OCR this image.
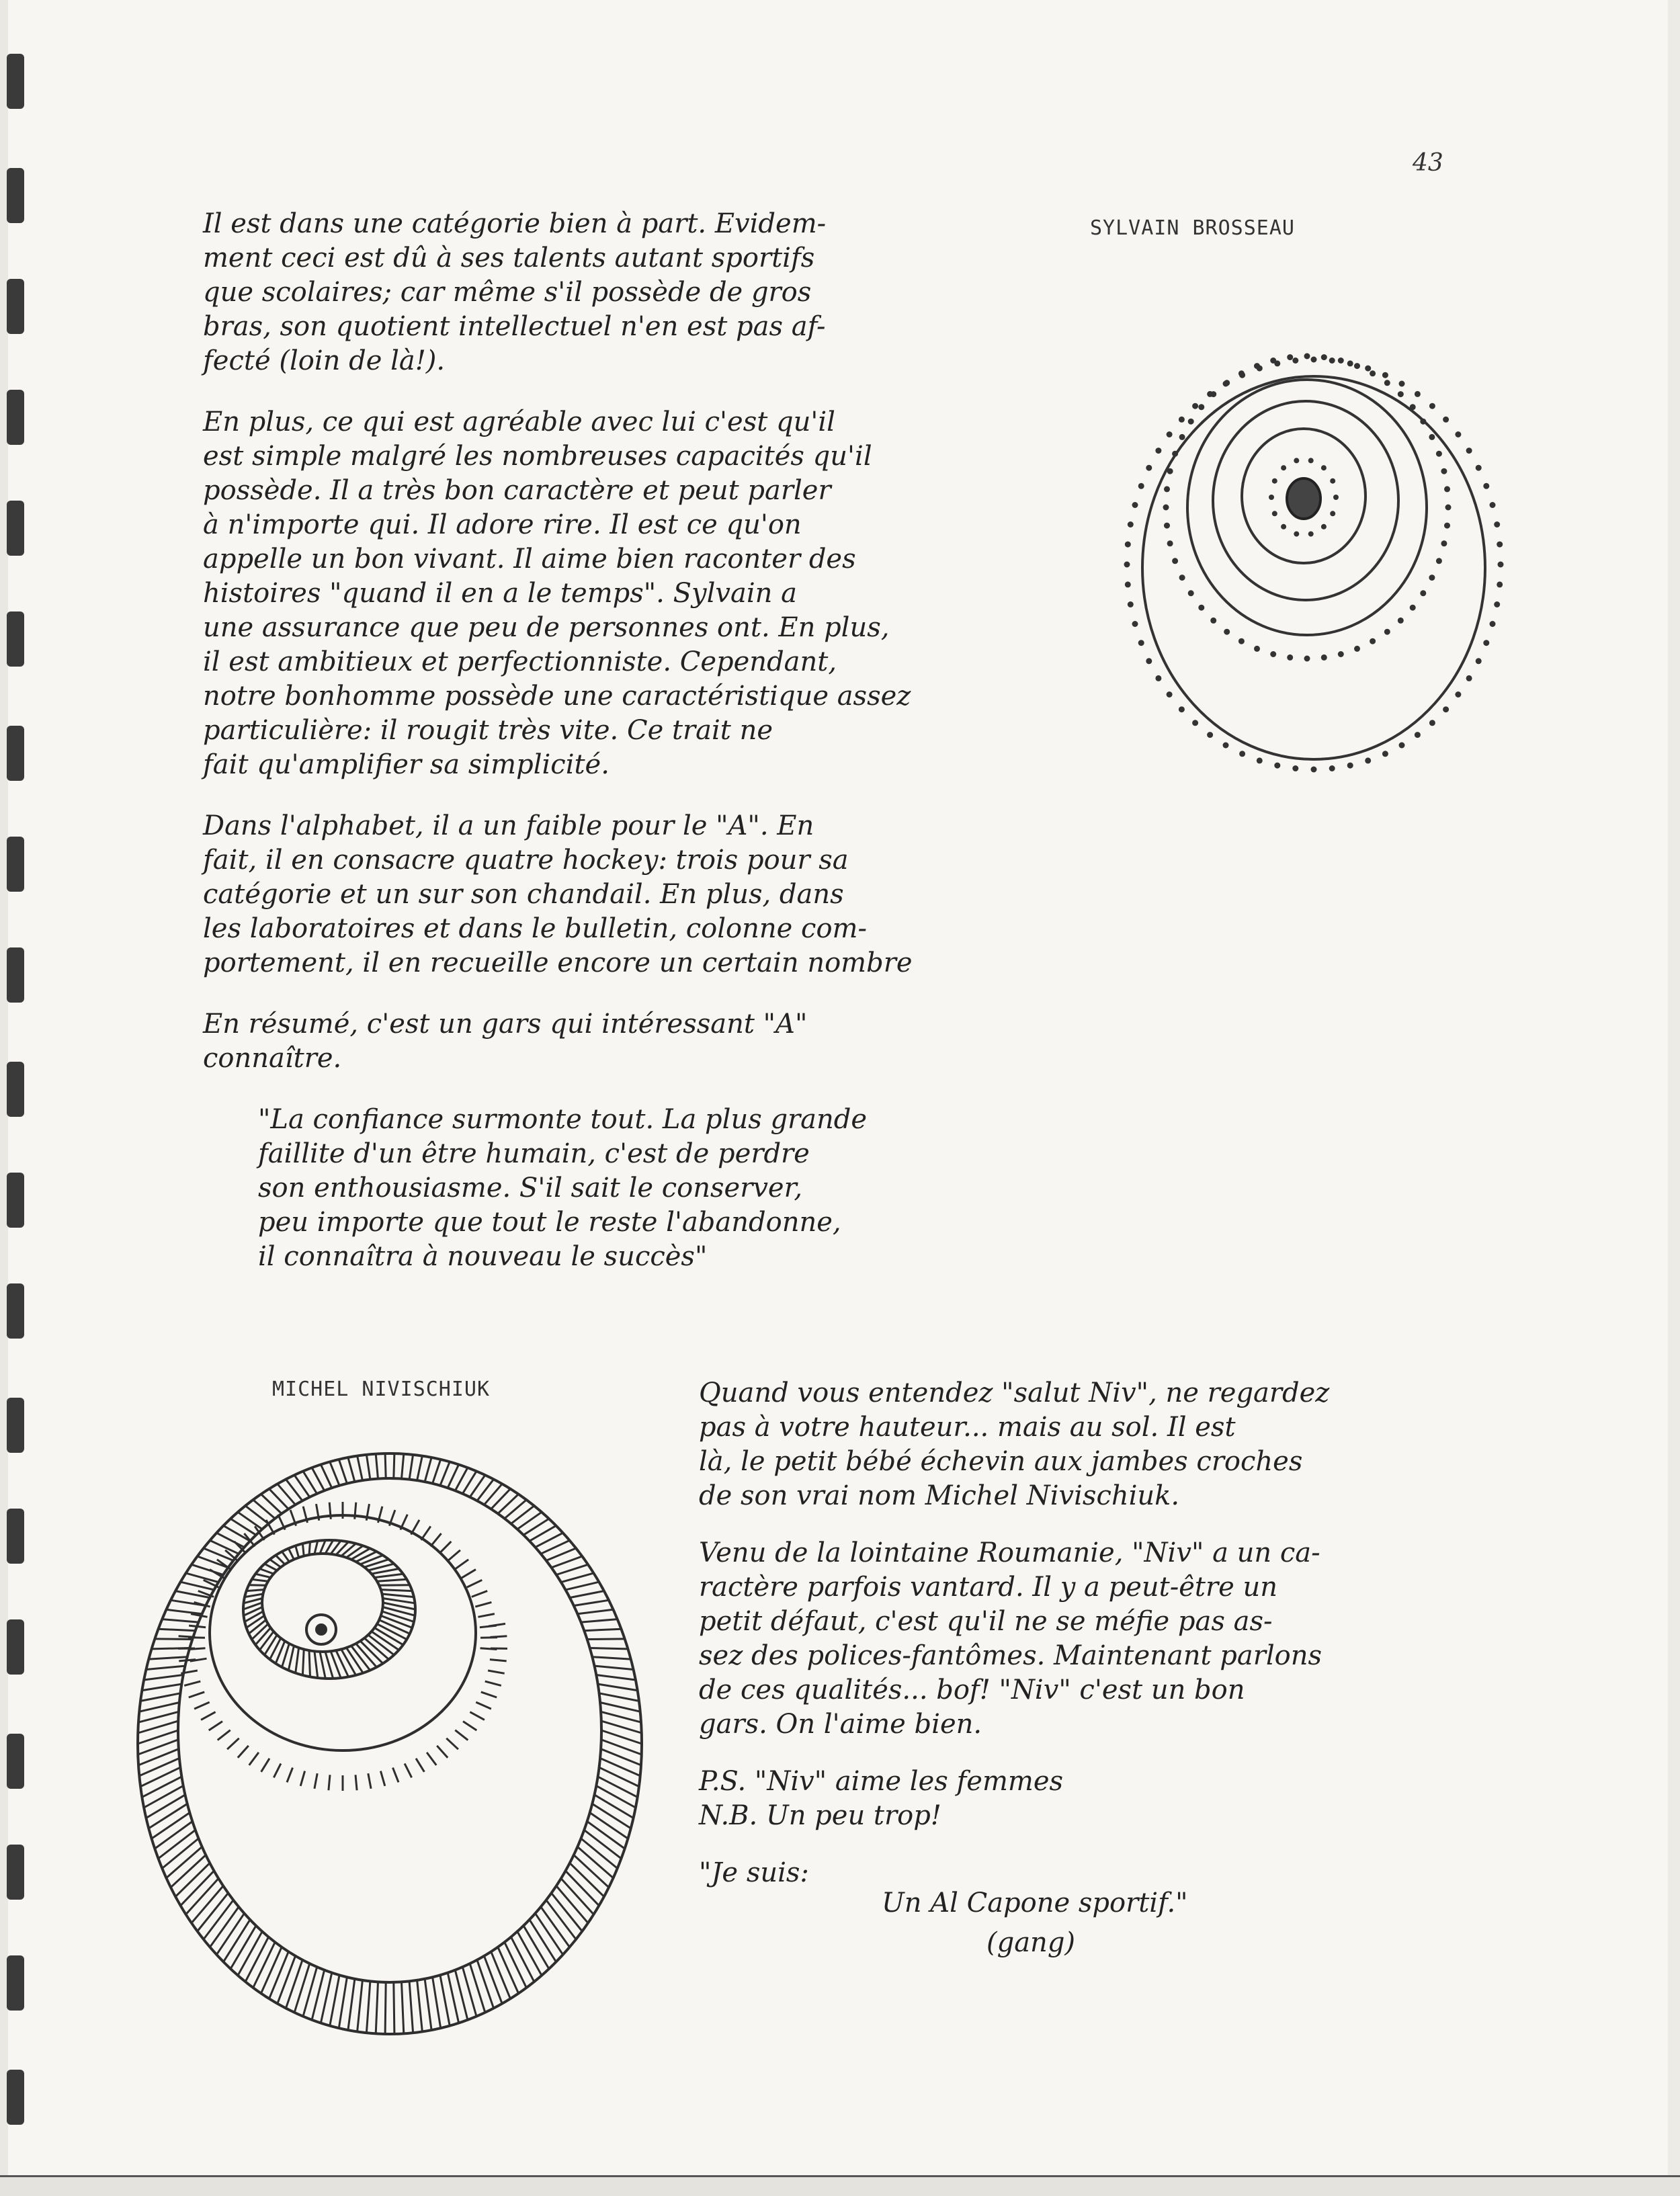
43
SYLVAIN BROSSEAU

Il est dans une catégorie bien à part. Evidem-
ment ceci est dû à ses talents autant sportifs
que scolaires; car même s'il possède de gros
bras, son quotient intellectuel n'en est pas af-
fecté (loin de là!).

En plus, ce qui est agréable avec lui c'est qu'il
est simple malgré les nombreuses capacités qu'il
possède. Il a très bon caractère et peut parler
à n'importe qui. Il adore rire. Il est ce qu'on
appelle un bon vivant. Il aime bien raconter des
histoires "quand il en a le temps". Sylvain a
une assurance que peu de personnes ont. En plus,
il est ambitieux et perfectionniste. Cependant,
notre bonhomme possède une caractéristique assez
particulière: il rougit très vite. Ce trait ne
fait qu'amplifier sa simplicité.

Dans l'alphabet, il a un faible pour le "A". En
fait, il en consacre quatre hockey: trois pour sa
catégorie et un sur son chandail. En plus, dans
les laboratoires et dans le bulletin, colonne com-
portement, il en recueille encore un certain nombre

En résumé, c'est un gars qui intéressant "A"
connaître.

"La confiance surmonte tout. La plus grande
faillite d'un être humain, c'est de perdre
son enthousiasme. S'il sait le conserver,
peu importe que tout le reste l'abandonne,
il connaîtra à nouveau le succès"

MICHEL NIVISCHIUK	Quand vous entendez "salut Niv", ne regardez
pas à votre hauteur... mais au sol. Il est
là, le petit bébé échevin aux jambes croches
de son vrai nom Michel Nivischiuk.

Venu de la lointaine Roumanie, "Niv" a un ca-
ractère parfois vantard. Il y a peut-être un
petit défaut, c'est qu'il ne se méfie pas as-
sez des polices-fantômes. Maintenant parlons
de ces qualités... bof! "Niv" c'est un bon
gars. On l'aime bien.

P.S. "Niv" aime les femmes
N.B. Un peu trop!

"Je suis:

Un Al Capone sportif."

(gang)
